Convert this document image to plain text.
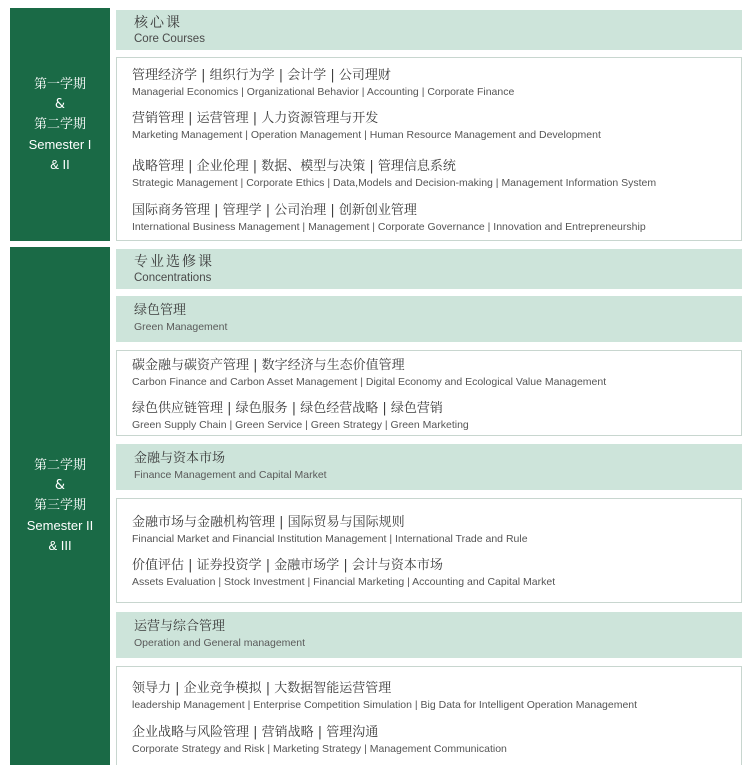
第一学期
&
第二学期
Semester I
& II
第二学期
&
第三学期
Semester II
& III
核心课
Core Courses
管理经济学 | 组织行为学 | 会计学 | 公司理财
Managerial Economics | Organizational Behavior | Accounting | Corporate Finance
营销管理 | 运营管理 | 人力资源管理与开发
Marketing Management | Operation Management | Human Resource Management and Development
战略管理 | 企业伦理 | 数据、模型与决策 | 管理信息系统
Strategic Management | Corporate Ethics | Data,Models and Decision-making | Management Information System
国际商务管理 | 管理学 | 公司治理 | 创新创业管理
International Business Management | Management | Corporate Governance | Innovation and Entrepreneurship
专业选修课
Concentrations
绿色管理
Green Management
碳金融与碳资产管理 | 数字经济与生态价值管理
Carbon Finance and Carbon Asset Management | Digital Economy and Ecological Value Management
绿色供应链管理 | 绿色服务 | 绿色经营战略 | 绿色营销
Green Supply Chain | Green Service | Green Strategy | Green Marketing
金融与资本市场
Finance Management and Capital Market
金融市场与金融机构管理 | 国际贸易与国际规则
Financial Market and Financial Institution Management | International Trade and Rule
价值评估 | 证券投资学 | 金融市场学 | 会计与资本市场
Assets Evaluation | Stock Investment | Financial Marketing | Accounting and Capital Market
运营与综合管理
Operation and General management
领导力 | 企业竞争模拟 | 大数据智能运营管理
leadership Management | Enterprise Competition Simulation | Big Data for Intelligent Operation Management
企业战略与风险管理 | 营销战略 | 管理沟通
Corporate Strategy and Risk | Marketing Strategy | Management Communication
